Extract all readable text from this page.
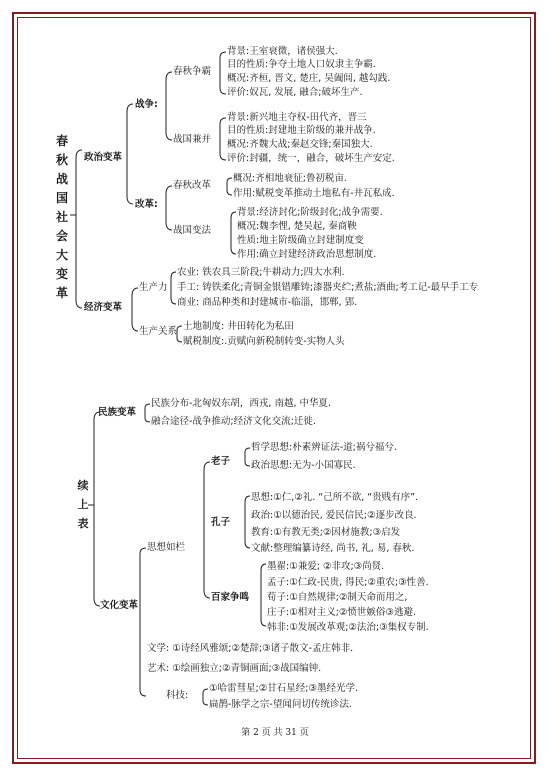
春
秋
战
国
社
会
大
变
革
政治变革
战争:
春秋争霸
背景:王室衰微，诸侯强大.
目的性质:争夺土地人口奴隶主争霸.
概况:齐桓, 晋文, 楚庄, 吴阖闾, 越勾践.
评价:奴瓦, 发展, 融合;破坏生产.
战国兼并
背景:新兴地主夺权-田代齐，晋三
目的性质:封建地主阶级的兼并战争.
概况:齐魏大战;秦赵交锋;秦国独大.
评价:封疆，统一，融合，破坏生产安定.
改革:
春秋改革
概况:齐相地衰征;鲁初税亩.
作用:赋税变革推动土地私有-井瓦私成.
战国变法
背景:经济封化;阶级封化;战争需要.
概况:魏李悝, 楚吴起, 秦商鞅
性质:地主阶级确立封建制度变
作用:确立封建经济政治思想制度.
经济变革
生产力
农业: 铁农具三阶段;牛耕动力;四大水利.
手工: 铸铁柔化;青铜金银错雕铸;漆器夹纻;煮盐;酒曲;考工记-最早手工专
商业: 商品种类和封建城市-临淄，邯郸, 郢.
生产关系 土地制度: 井田转化为私田
赋税制度:.贡赋向新税制转变-实物人头
续
上
表
民族变革
民族分布-北匈奴东胡，西戎, 南越, 中华夏.
融合途径-战争推动;经济文化交流;迁徙.
文化变革
思想如栏
老子
哲学思想:朴素辨证法-道;祸兮福兮.
政治思想:无为-小国寡民.
孔子
思想:①仁,②礼. “己所不欲, “贵贱有序”.
政治:①以德治民, 爱民信民;②逐步改良.
教育:①有教无类;②因材施教;③启发
文献:整理编纂诗经, 尚书, 礼, 易, 春秋.
百家争鸣
墨翟:①兼爱; ②非攻;③尚贤.
孟子:①仁政-民贵, 得民;②重农;③性善.
荀子:①自然规律;②制天命而用之,
庄子:①相对主义;②愤世嫉俗③逃避.
韩非:①发展改革观;②法治;③集权专制.
文学: ①诗经风雅颂;②楚辞;③诸子散文-孟庄韩非.
艺术: ①绘画独立;②青铜画面;③战国编钟.
科技:
①哈雷彗星;②甘石星经;③墨经光学.
扁鹊-脉学之宗-望闻问切传统诊法.
第 2 页 共 31 页
